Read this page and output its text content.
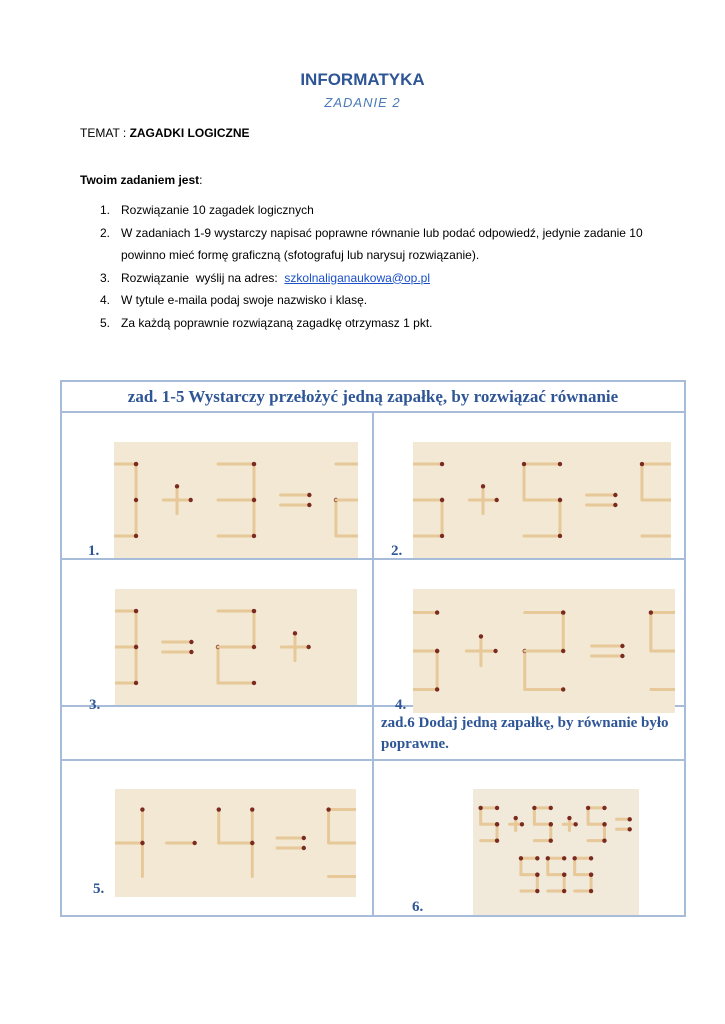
INFORMATYKA
ZADANIE 2
TEMAT : ZAGADKI LOGICZNE
Twoim zadaniem jest:
1. Rozwiązanie 10 zagadek logicznych
2. W zadaniach 1-9 wystarczy napisać poprawne równanie lub podać odpowiedź, jedynie zadanie 10 powinno mieć formę graficzną (sfotografuj lub narysuj rozwiązanie).
3. Rozwiązanie  wyślij na adres:  szkolnaliganaukowa@op.pl
4. W tytule e-maila podaj swoje nazwisko i klasę.
5. Za każdą poprawnie rozwiązaną zagadkę otrzymasz 1 pkt.
zad. 1-5 Wystarczy przełożyć jedną zapałkę, by rozwiązać równanie	

1.	2.

3.	4.

	zad.6 Dodaj jedną zapałkę, by równanie było poprawne.

5.	6.
